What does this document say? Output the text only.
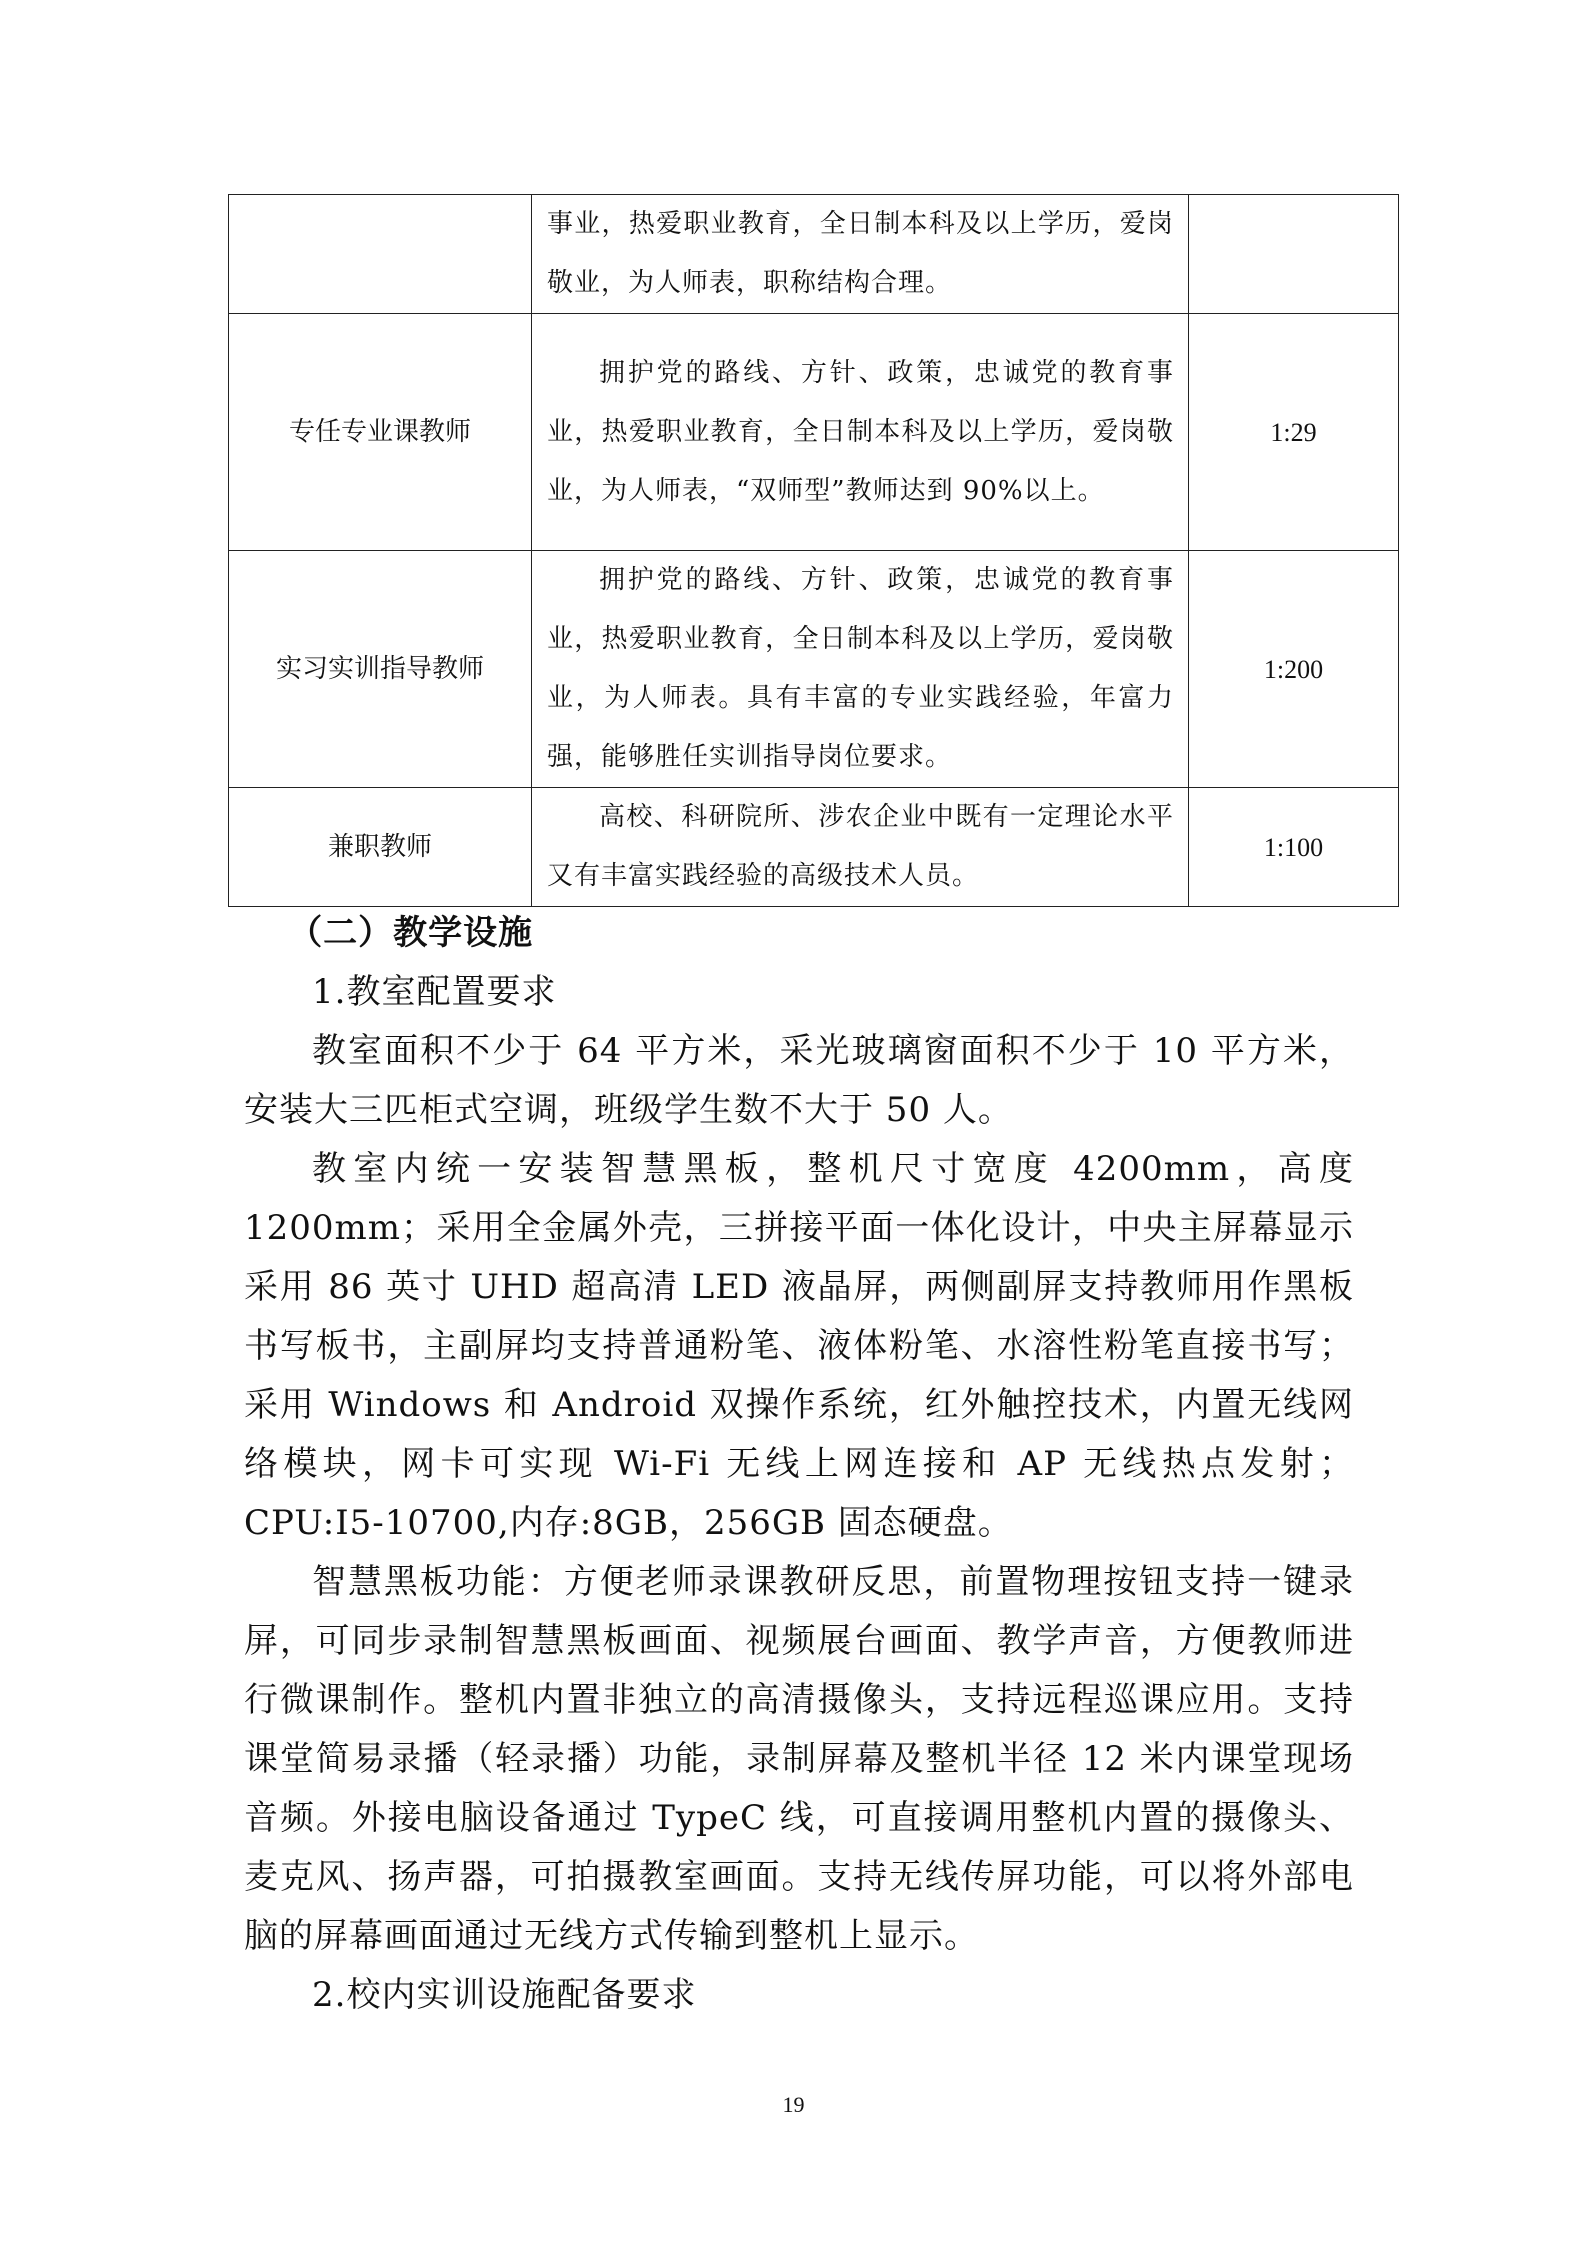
	事业，热爱职业教育，全日制本科及以上学历，爱岗敬业，为人师表，职称结构合理。	

专任专业课教师	拥护党的路线、方针、政策，忠诚党的教育事业，热爱职业教育，全日制本科及以上学历，爱岗敬业，为人师表，“双师型”教师达到 90%以上。	1:29
实习实训指导教师	拥护党的路线、方针、政策，忠诚党的教育事业，热爱职业教育，全日制本科及以上学历，爱岗敬业，为人师表。具有丰富的专业实践经验，年富力强，能够胜任实训指导岗位要求。	1:200
兼职教师	高校、科研院所、涉农企业中既有一定理论水平又有丰富实践经验的高级技术人员。	1:100

（二）教学设施

1.教室配置要求

教室面积不少于 64 平方米，采光玻璃窗面积不少于 10 平方米，安装大三匹柜式空调，班级学生数不大于 50 人。

教室内统一安装智慧黑板，整机尺寸宽度 4200mm，高度 1200mm；采用全金属外壳，三拼接平面一体化设计，中央主屏幕显示采用 86 英寸 UHD 超高清 LED 液晶屏，两侧副屏支持教师用作黑板书写板书，主副屏均支持普通粉笔、液体粉笔、水溶性粉笔直接书写；采用 Windows 和 Android 双操作系统，红外触控技术，内置无线网络模块，网卡可实现 Wi-Fi 无线上网连接和 AP 无线热点发射；CPU:I5-10700,内存:8GB，256GB 固态硬盘。

智慧黑板功能：方便老师录课教研反思，前置物理按钮支持一键录屏，可同步录制智慧黑板画面、视频展台画面、教学声音，方便教师进行微课制作。整机内置非独立的高清摄像头，支持远程巡课应用。支持课堂简易录播（轻录播）功能，录制屏幕及整机半径 12 米内课堂现场音频。外接电脑设备通过 TypeC 线，可直接调用整机内置的摄像头、麦克风、扬声器，可拍摄教室画面。支持无线传屏功能，可以将外部电脑的屏幕画面通过无线方式传输到整机上显示。

2.校内实训设施配备要求

19
